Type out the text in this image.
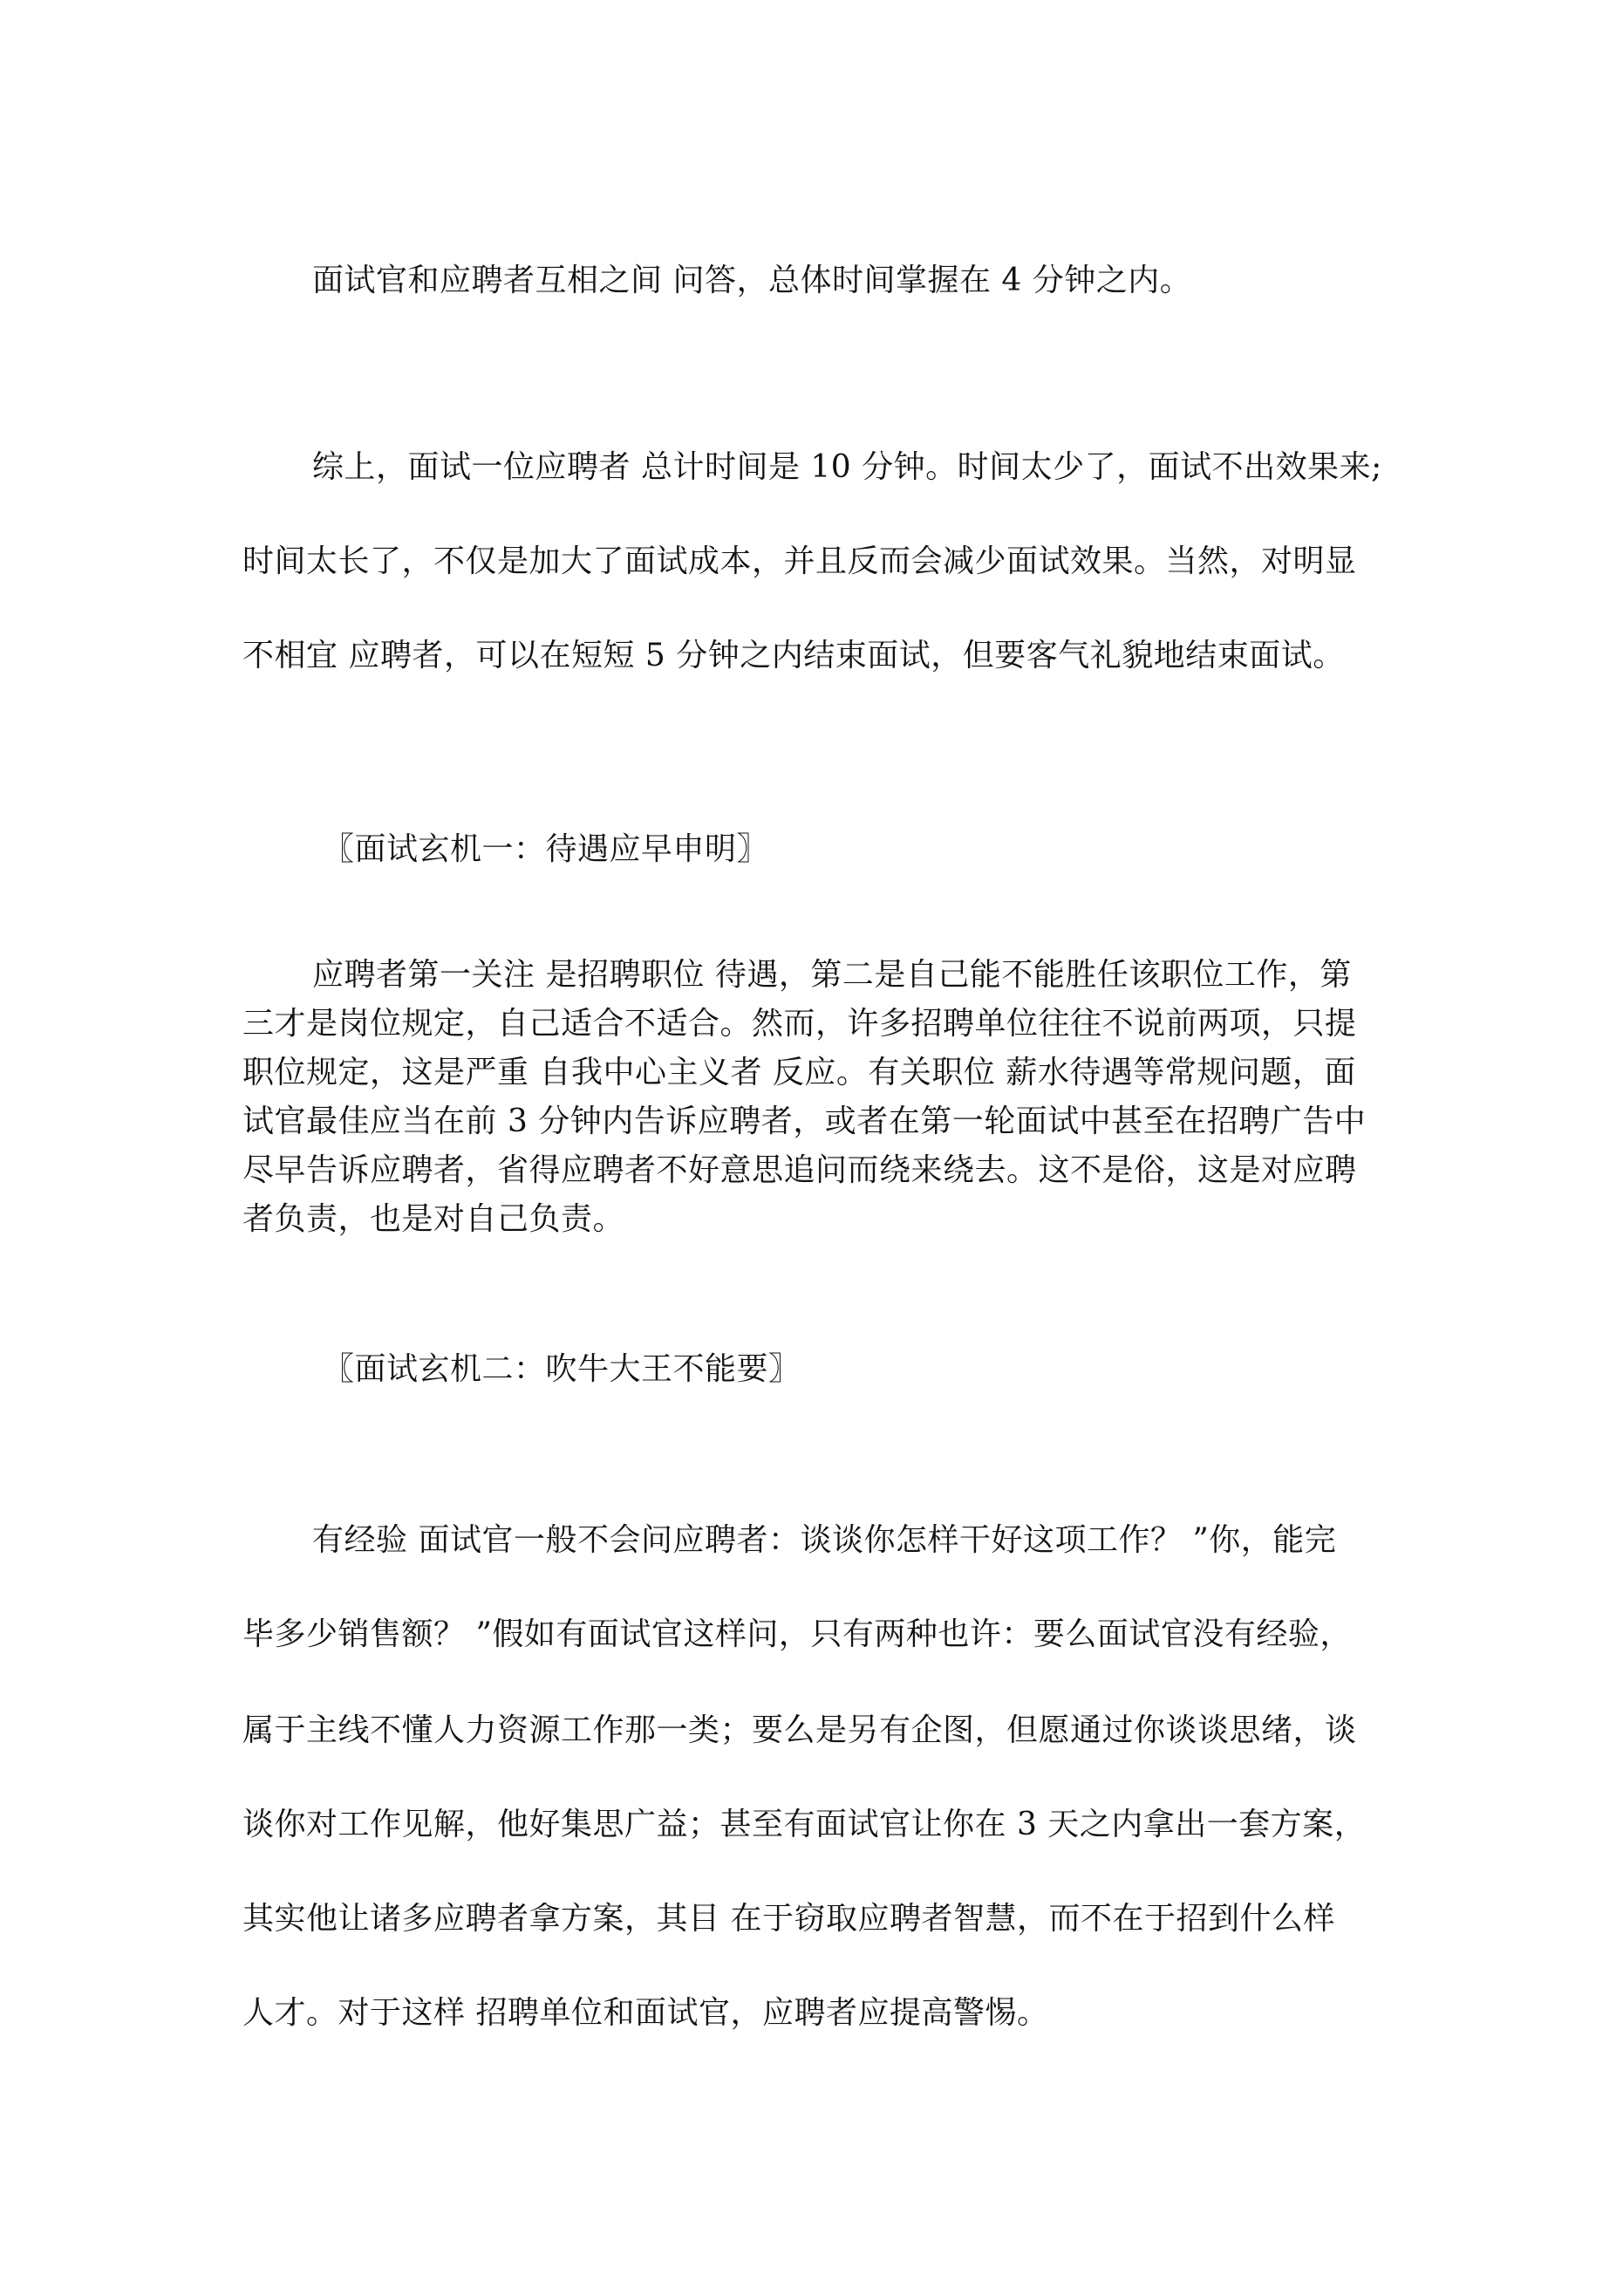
面试官和应聘者互相之间 问答，总体时间掌握在 4 分钟之内。
综上，面试一位应聘者 总计时间是 10 分钟。时间太少了，面试不出效果来;
时间太长了，不仅是加大了面试成本，并且反而会减少面试效果。当然，对明显
不相宜 应聘者，可以在短短 5 分钟之内结束面试，但要客气礼貌地结束面试。
〖面试玄机一：待遇应早申明〗
应聘者第一关注 是招聘职位 待遇，第二是自己能不能胜任该职位工作，第
三才是岗位规定，自己适合不适合。然而，许多招聘单位往往不说前两项，只提
职位规定，这是严重 自我中心主义者 反应。有关职位 薪水待遇等常规问题，面
试官最佳应当在前 3 分钟内告诉应聘者，或者在第一轮面试中甚至在招聘广告中
尽早告诉应聘者，省得应聘者不好意思追问而绕来绕去。这不是俗，这是对应聘
者负责，也是对自己负责。
〖面试玄机二：吹牛大王不能要〗
有经验 面试官一般不会问应聘者：谈谈你怎样干好这项工作？ ”你，能完
毕多少销售额？ ”假如有面试官这样问，只有两种也许：要么面试官没有经验，
属于主线不懂人力资源工作那一类；要么是另有企图，但愿通过你谈谈思绪，谈
谈你对工作见解，他好集思广益；甚至有面试官让你在 3 天之内拿出一套方案，
其实他让诸多应聘者拿方案，其目 在于窃取应聘者智慧，而不在于招到什么样
人才。对于这样 招聘单位和面试官，应聘者应提高警惕。
